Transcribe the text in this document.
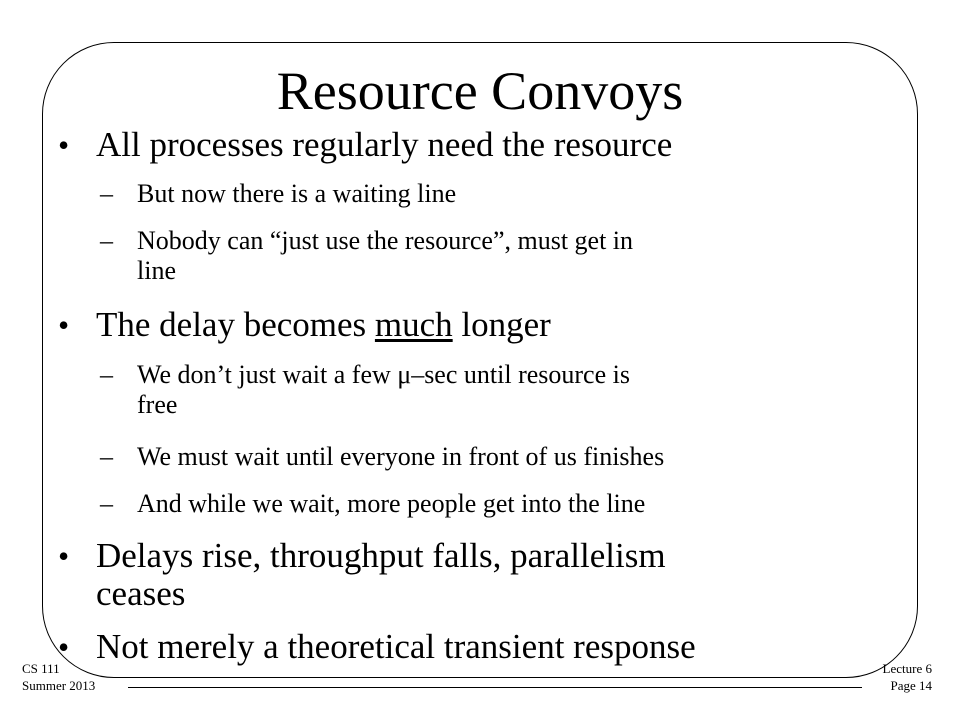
Resource Convoys
• All processes regularly need the resource
– But now there is a waiting line
– Nobody can “just use the resource”, must get in
line
• The delay becomes much longer
– We don’t just wait a few μ–sec until resource is
free
– We must wait until everyone in front of us finishes
– And while we wait, more people get into the line
• Delays rise, throughput falls, parallelism
ceases
• Not merely a theoretical transient response
CS 111
Summer 2013
Lecture 6
Page 14
